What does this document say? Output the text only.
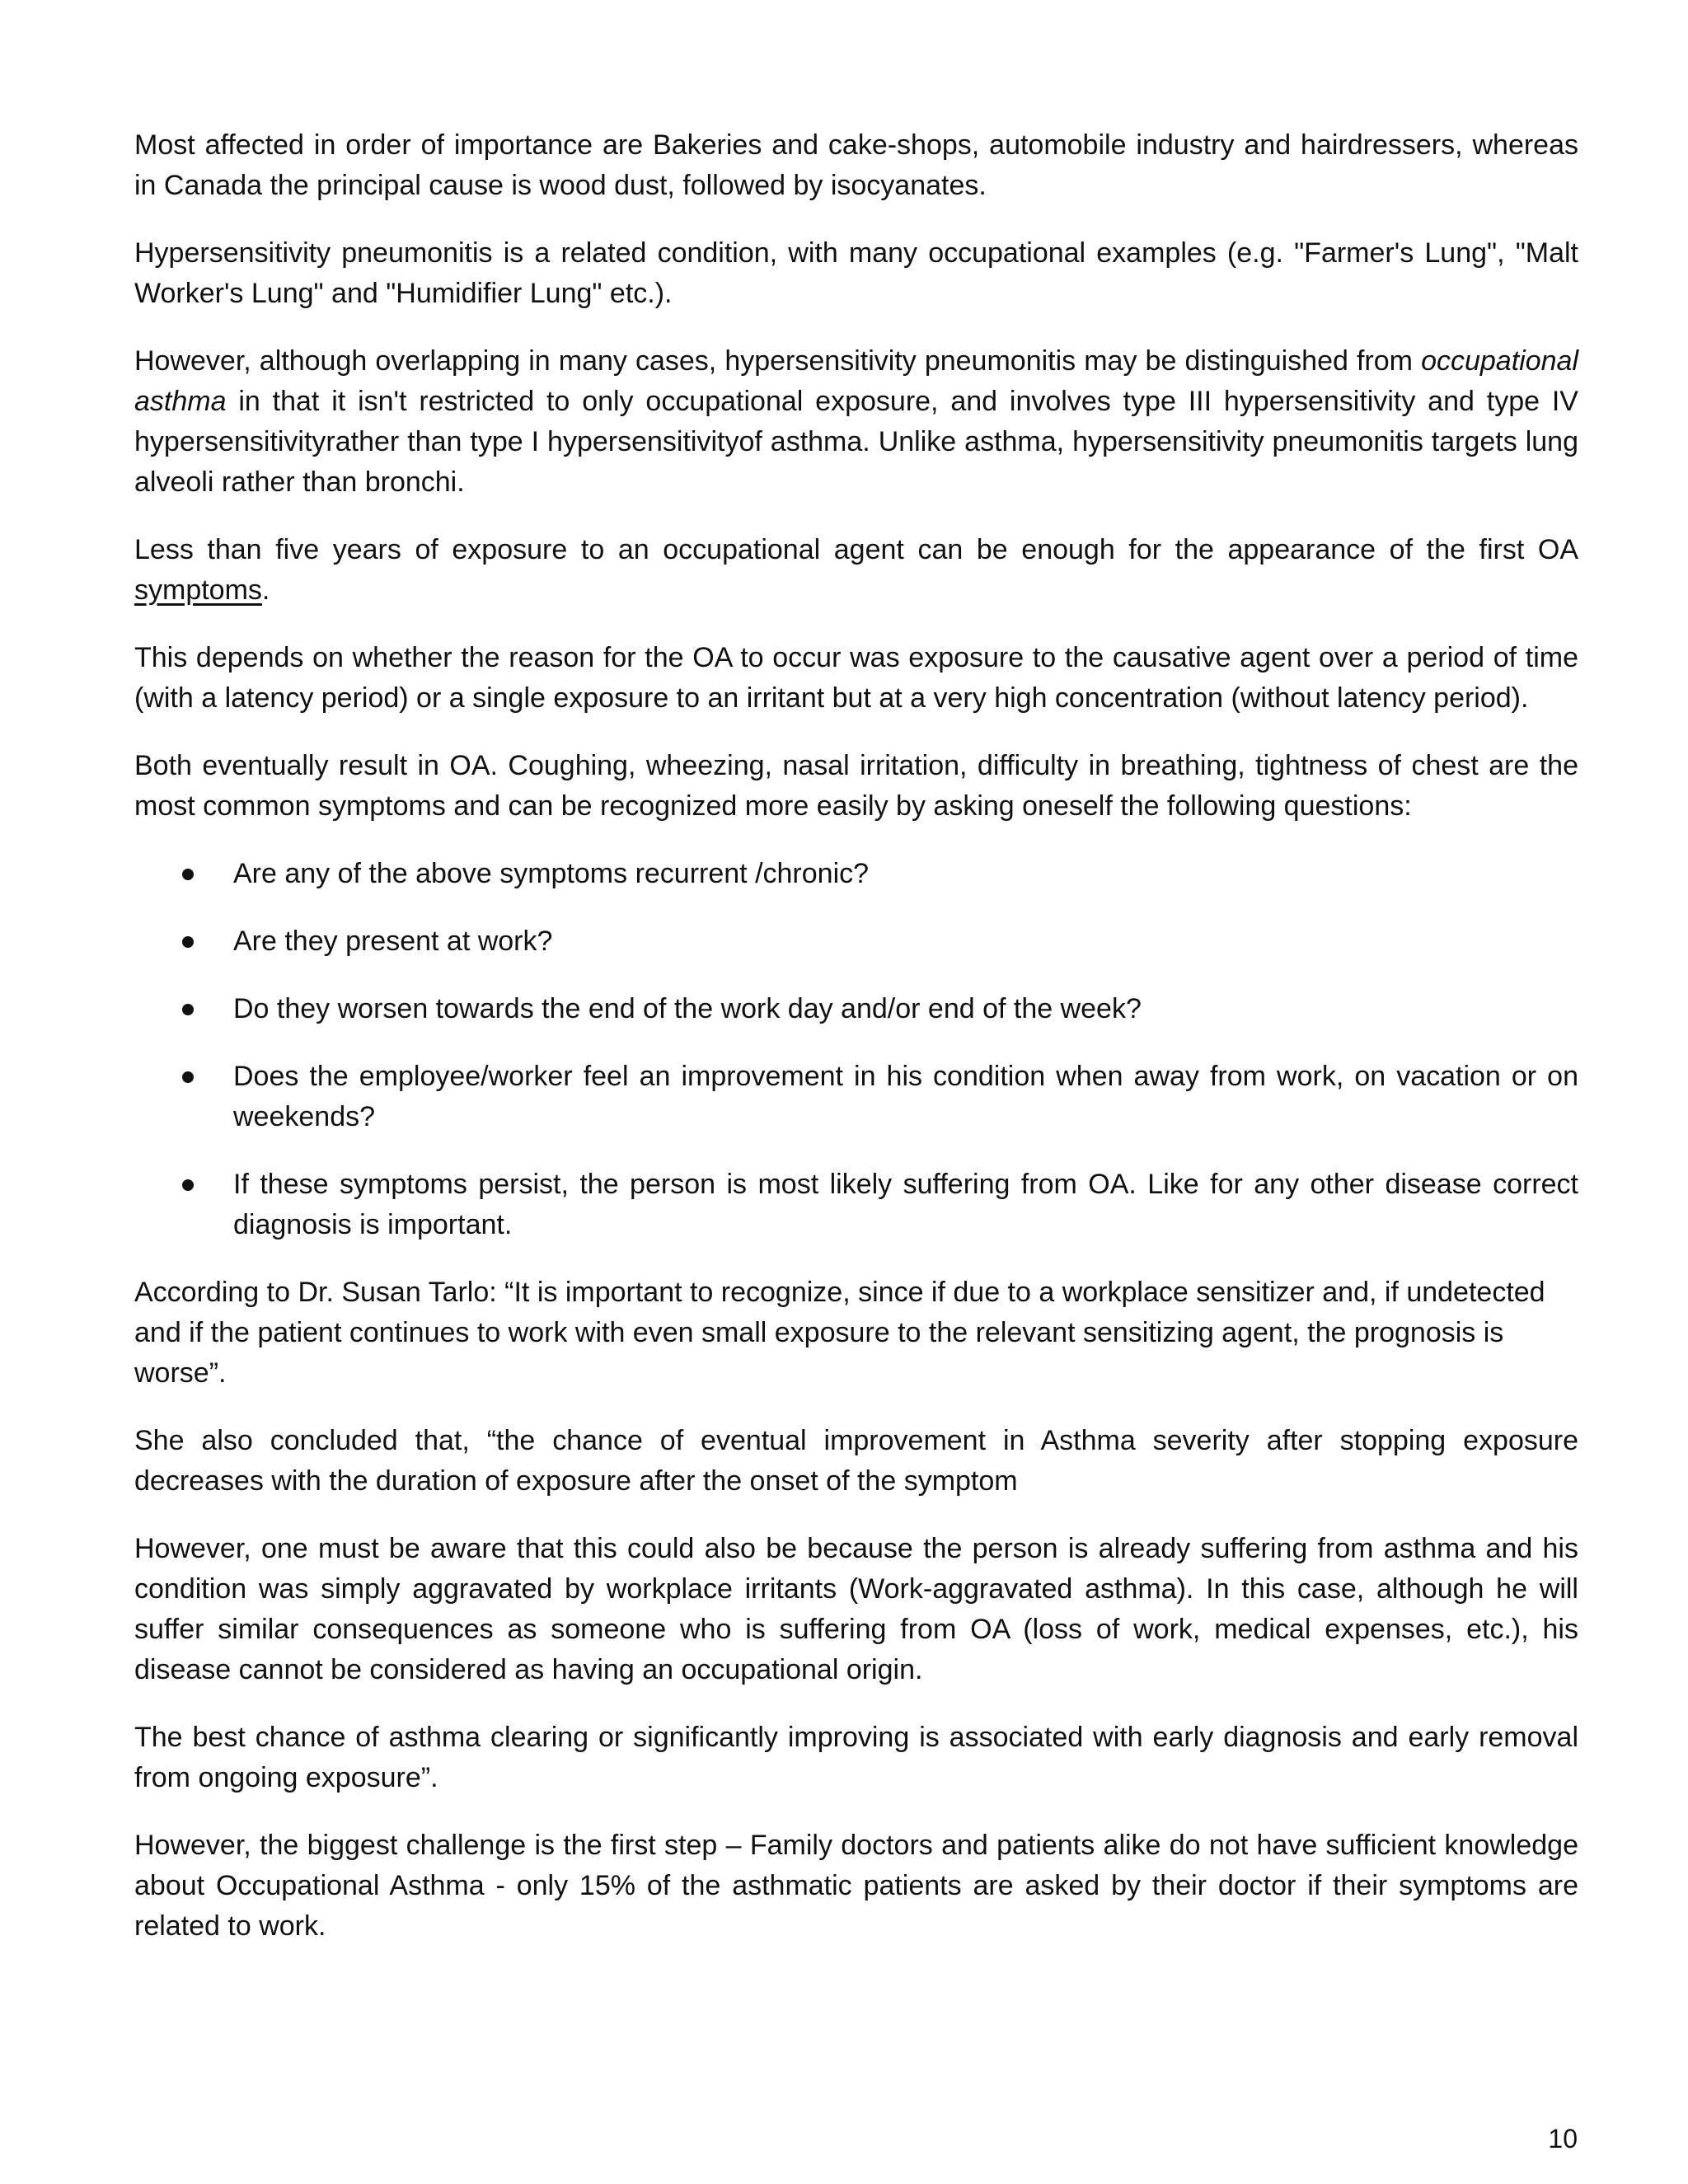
Most affected in order of importance are Bakeries and cake-shops, automobile industry and hairdressers, whereas in Canada the principal cause is wood dust, followed by isocyanates.

Hypersensitivity pneumonitis is a related condition, with many occupational examples (e.g. "Farmer's Lung", "Malt Worker's Lung" and "Humidifier Lung" etc.).

However, although overlapping in many cases, hypersensitivity pneumonitis may be distinguished from occupational asthma in that it isn't restricted to only occupational exposure, and involves type III hypersensitivity and type IV hypersensitivityrather than type I hypersensitivityof asthma. Unlike asthma, hypersensitivity pneumonitis targets lung alveoli rather than bronchi.

Less than five years of exposure to an occupational agent can be enough for the appearance of the first OA symptoms.

This depends on whether the reason for the OA to occur was exposure to the causative agent over a period of time (with a latency period) or a single exposure to an irritant but at a very high concentration (without latency period).

Both eventually result in OA. Coughing, wheezing, nasal irritation, difficulty in breathing, tightness of chest are the most common symptoms and can be recognized more easily by asking oneself the following questions:

Are any of the above symptoms recurrent /chronic?
Are they present at work?
Do they worsen towards the end of the work day and/or end of the week?
Does the employee/worker feel an improvement in his condition when away from work, on vacation or on weekends?
If these symptoms persist, the person is most likely suffering from OA. Like for any other disease correct diagnosis is important.

According to Dr. Susan Tarlo: “It is important to recognize, since if due to a workplace sensitizer and, if undetected and if the patient continues to work with even small exposure to the relevant sensitizing agent, the prognosis is worse”.

She also concluded that, “the chance of eventual improvement in Asthma severity after stopping exposure decreases with the duration of exposure after the onset of the symptom

However, one must be aware that this could also be because the person is already suffering from asthma and his condition was simply aggravated by workplace irritants (Work-aggravated asthma). In this case, although he will suffer similar consequences as someone who is suffering from OA (loss of work, medical expenses, etc.), his disease cannot be considered as having an occupational origin.

The best chance of asthma clearing or significantly improving is associated with early diagnosis and early removal from ongoing exposure”.

However, the biggest challenge is the first step – Family doctors and patients alike do not have sufficient knowledge about Occupational Asthma - only 15% of the asthmatic patients are asked by their doctor if their symptoms are related to work.

10
